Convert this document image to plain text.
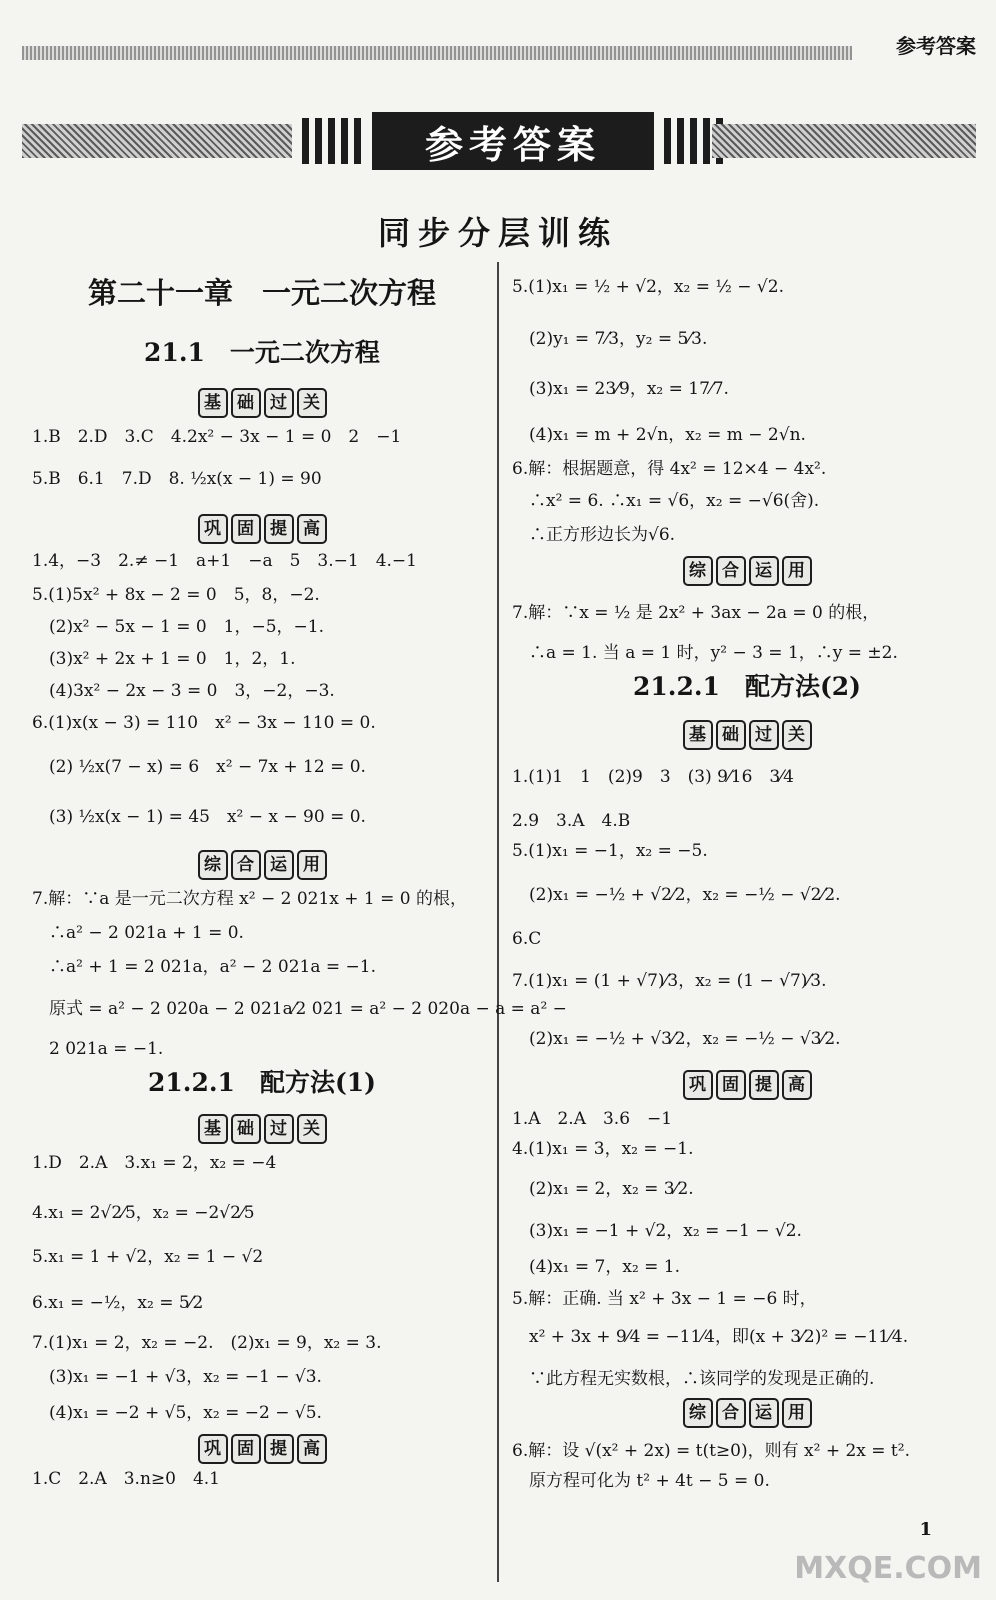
参考答案
参考答案
同步分层训练
第二十一章　一元二次方程
21.1　一元二次方程
基 础 过 关
1.B　2.D　3.C　4.2x² − 3x − 1 = 0　2　−1
5.B　6.1　7.D　8. ½x(x − 1) = 90
巩 固 提 高
1.4，−3　2.≠ −1　a+1　−a　5　3.−1　4.−1
5.(1)5x² + 8x − 2 = 0　5，8，−2.
　(2)x² − 5x − 1 = 0　1，−5，−1.
　(3)x² + 2x + 1 = 0　1，2，1.
　(4)3x² − 2x − 3 = 0　3，−2，−3.
6.(1)x(x − 3) = 110　x² − 3x − 110 = 0.
　(2) ½x(7 − x) = 6　x² − 7x + 12 = 0.
　(3) ½x(x − 1) = 45　x² − x − 90 = 0.
综 合 运 用
7.解：∵a 是一元二次方程 x² − 2 021x + 1 = 0 的根，
　∴a² − 2 021a + 1 = 0.
　∴a² + 1 = 2 021a，a² − 2 021a = −1.
　原式 = a² − 2 020a − 2 021a⁄2 021 = a² − 2 020a − a = a² −
　2 021a = −1.
21.2.1　配方法(1)
基 础 过 关
1.D　2.A　3.x₁ = 2，x₂ = −4
4.x₁ = 2√2⁄5，x₂ = −2√2⁄5
5.x₁ = 1 + √2，x₂ = 1 − √2
6.x₁ = −½，x₂ = 5⁄2
7.(1)x₁ = 2，x₂ = −2.　(2)x₁ = 9，x₂ = 3.
　(3)x₁ = −1 + √3，x₂ = −1 − √3.
　(4)x₁ = −2 + √5，x₂ = −2 − √5.
巩 固 提 高
1.C　2.A　3.n≥0　4.1
5.(1)x₁ = ½ + √2，x₂ = ½ − √2.
　(2)y₁ = 7⁄3，y₂ = 5⁄3.
　(3)x₁ = 23⁄9，x₂ = 17⁄7.
　(4)x₁ = m + 2√n，x₂ = m − 2√n.
6.解：根据题意，得 4x² = 12×4 − 4x².
　∴x² = 6. ∴x₁ = √6，x₂ = −√6(舍).
　∴正方形边长为√6.
综 合 运 用
7.解：∵x = ½ 是 2x² + 3ax − 2a = 0 的根，
　∴a = 1. 当 a = 1 时，y² − 3 = 1，∴y = ±2.
21.2.1　配方法(2)
基 础 过 关
1.(1)1　1　(2)9　3　(3) 9⁄16　3⁄4
2.9　3.A　4.B
5.(1)x₁ = −1，x₂ = −5.
　(2)x₁ = −½ + √2⁄2，x₂ = −½ − √2⁄2.
6.C
7.(1)x₁ = (1 + √7)⁄3，x₂ = (1 − √7)⁄3.
　(2)x₁ = −½ + √3⁄2，x₂ = −½ − √3⁄2.
巩 固 提 高
1.A　2.A　3.6　−1
4.(1)x₁ = 3，x₂ = −1.
　(2)x₁ = 2，x₂ = 3⁄2.
　(3)x₁ = −1 + √2，x₂ = −1 − √2.
　(4)x₁ = 7，x₂ = 1.
5.解：正确. 当 x² + 3x − 1 = −6 时，
　x² + 3x + 9⁄4 = −11⁄4，即(x + 3⁄2)² = −11⁄4.
　∵此方程无实数根，∴该同学的发现是正确的.
综 合 运 用
6.解：设 √(x² + 2x) = t(t≥0)，则有 x² + 2x = t².
　原方程可化为 t² + 4t − 5 = 0.
1
MXQE.COM
